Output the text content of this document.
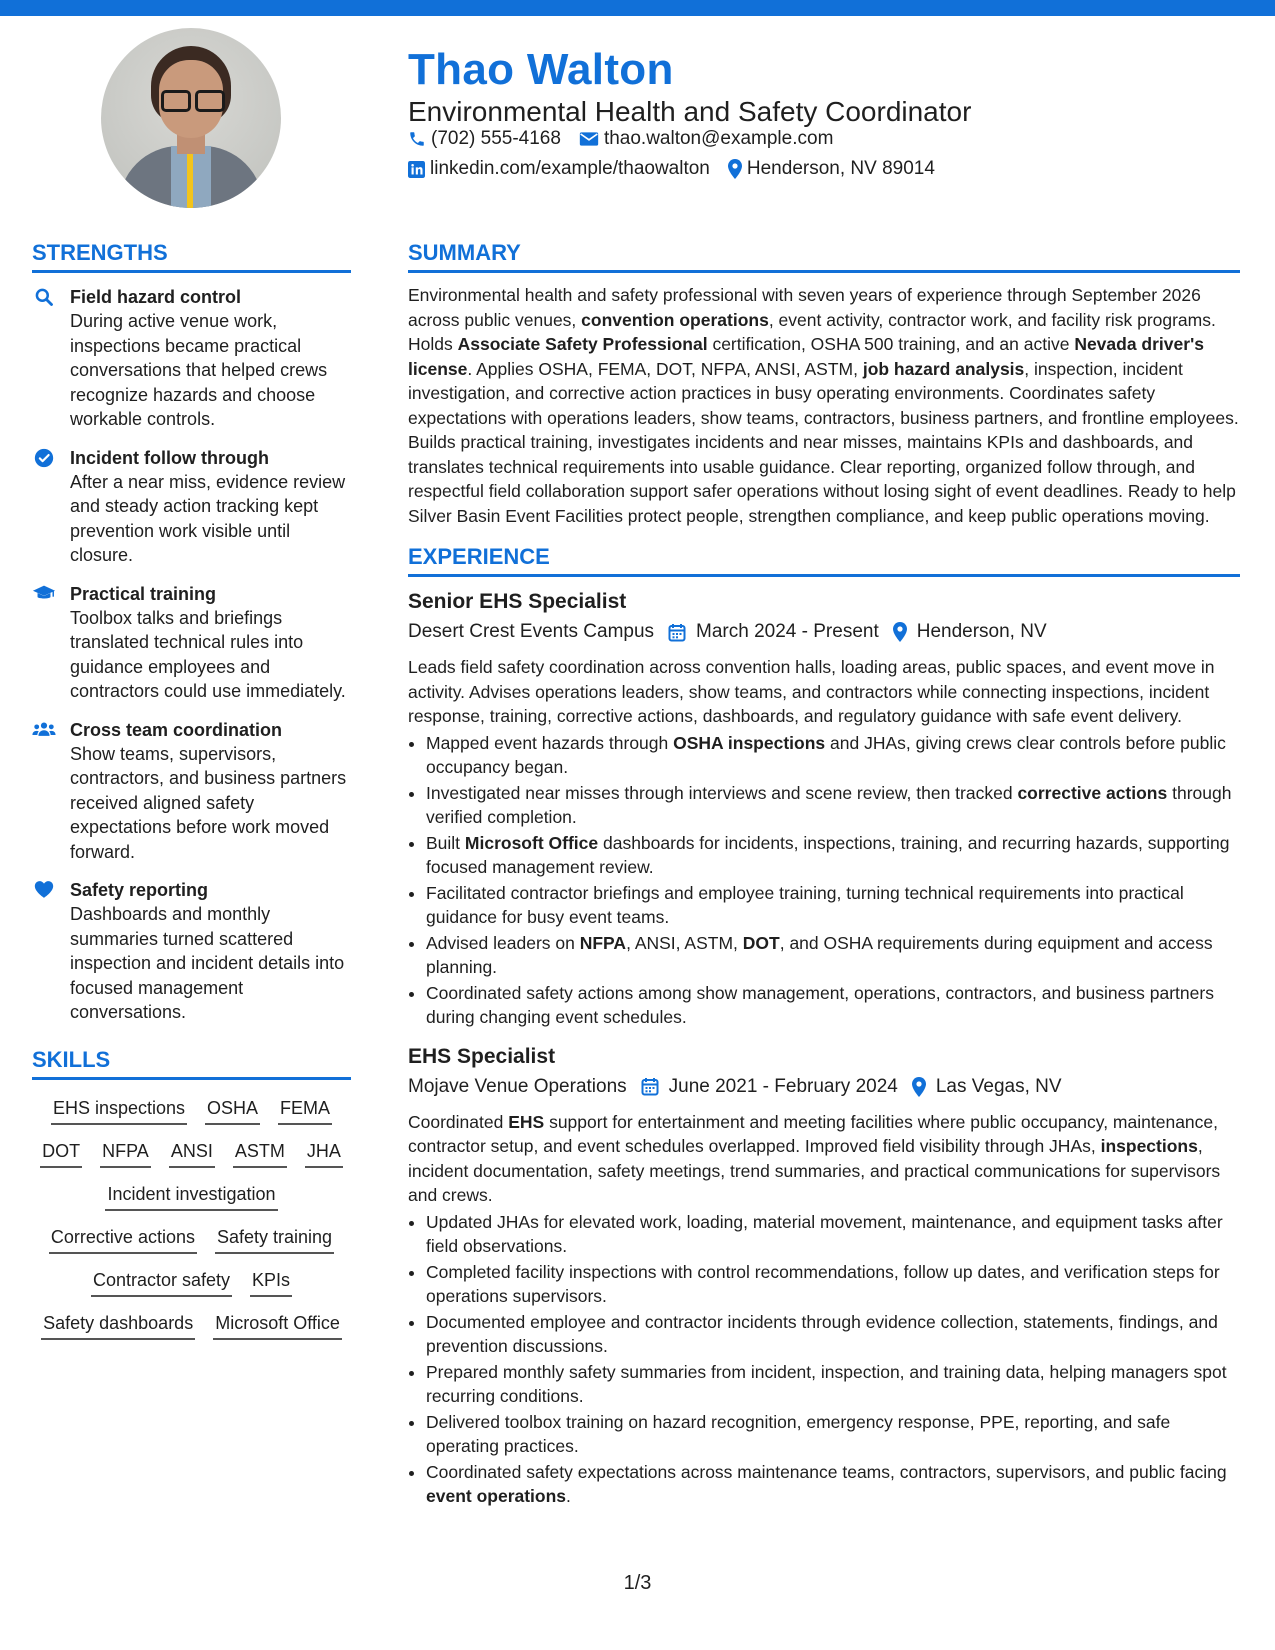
Thao Walton
Environmental Health and Safety Coordinator
(702) 555-4168 thao.walton@example.com
linkedin.com/example/thaowalton Henderson, NV 89014
STRENGTHS
Field hazard control
During active venue work, inspections became practical conversations that helped crews recognize hazards and choose workable controls.
Incident follow through
After a near miss, evidence review and steady action tracking kept prevention work visible until closure.
Practical training
Toolbox talks and briefings translated technical rules into guidance employees and contractors could use immediately.
Cross team coordination
Show teams, supervisors, contractors, and business partners received aligned safety expectations before work moved forward.
Safety reporting
Dashboards and monthly summaries turned scattered inspection and incident details into focused management conversations.
SKILLS
EHS inspections OSHA FEMA
DOT NFPA ANSI ASTM JHA
Incident investigation
Corrective actions Safety training
Contractor safety KPIs
Safety dashboards Microsoft Office
SUMMARY
Environmental health and safety professional with seven years of experience through September 2026 across public venues, convention operations, event activity, contractor work, and facility risk programs. Holds Associate Safety Professional certification, OSHA 500 training, and an active Nevada driver's license. Applies OSHA, FEMA, DOT, NFPA, ANSI, ASTM, job hazard analysis, inspection, incident investigation, and corrective action practices in busy operating environments. Coordinates safety expectations with operations leaders, show teams, contractors, business partners, and frontline employees. Builds practical training, investigates incidents and near misses, maintains KPIs and dashboards, and translates technical requirements into usable guidance. Clear reporting, organized follow through, and respectful field collaboration support safer operations without losing sight of event deadlines. Ready to help Silver Basin Event Facilities protect people, strengthen compliance, and keep public operations moving.
EXPERIENCE
Senior EHS Specialist
Desert Crest Events Campus March 2024 - Present Henderson, NV
Leads field safety coordination across convention halls, loading areas, public spaces, and event move in activity. Advises operations leaders, show teams, and contractors while connecting inspections, incident response, training, corrective actions, dashboards, and regulatory guidance with safe event delivery.
• Mapped event hazards through OSHA inspections and JHAs, giving crews clear controls before public occupancy began.
• Investigated near misses through interviews and scene review, then tracked corrective actions through verified completion.
• Built Microsoft Office dashboards for incidents, inspections, training, and recurring hazards, supporting focused management review.
• Facilitated contractor briefings and employee training, turning technical requirements into practical guidance for busy event teams.
• Advised leaders on NFPA, ANSI, ASTM, DOT, and OSHA requirements during equipment and access planning.
• Coordinated safety actions among show management, operations, contractors, and business partners during changing event schedules.
EHS Specialist
Mojave Venue Operations June 2021 - February 2024 Las Vegas, NV
Coordinated EHS support for entertainment and meeting facilities where public occupancy, maintenance, contractor setup, and event schedules overlapped. Improved field visibility through JHAs, inspections, incident documentation, safety meetings, trend summaries, and practical communications for supervisors and crews.
• Updated JHAs for elevated work, loading, material movement, maintenance, and equipment tasks after field observations.
• Completed facility inspections with control recommendations, follow up dates, and verification steps for operations supervisors.
• Documented employee and contractor incidents through evidence collection, statements, findings, and prevention discussions.
• Prepared monthly safety summaries from incident, inspection, and training data, helping managers spot recurring conditions.
• Delivered toolbox training on hazard recognition, emergency response, PPE, reporting, and safe operating practices.
• Coordinated safety expectations across maintenance teams, contractors, supervisors, and public facing event operations.
1/3
